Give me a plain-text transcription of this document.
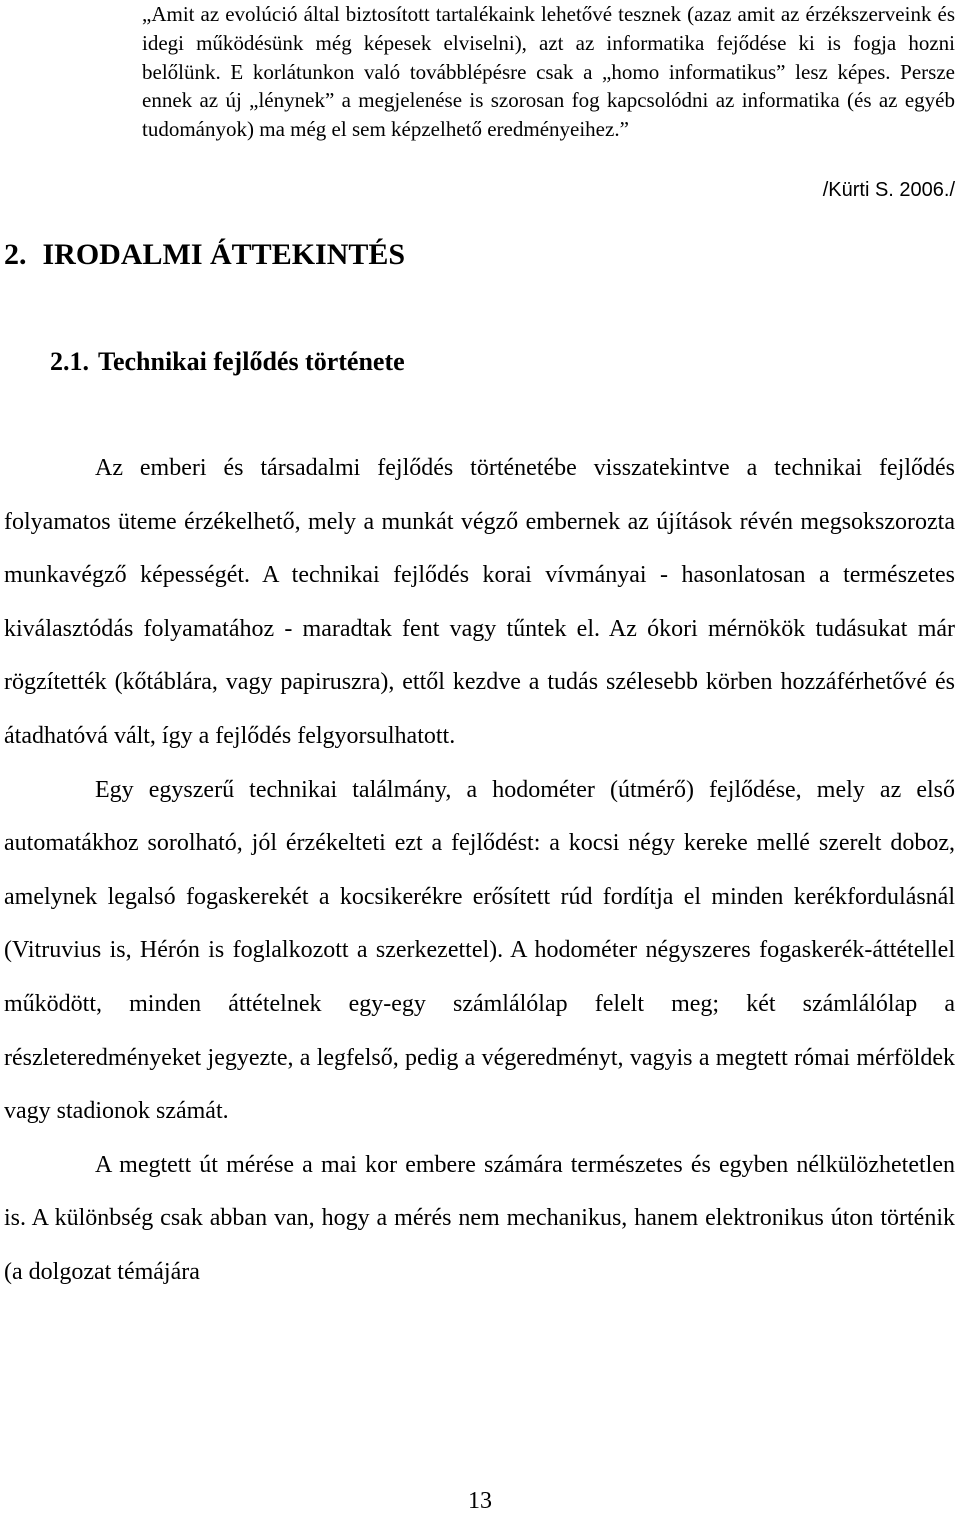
„Amit az evolúció által biztosított tartalékaink lehetővé tesznek (azaz amit az érzékszerveink és idegi működésünk még képesek elviselni), azt az informatika fejődése ki is fogja hozni belőlünk. E korlátunkon való továbblépésre csak a „homo informatikus” lesz képes. Persze ennek az új „lénynek” a megjelenése is szorosan fog kapcsolódni az informatika (és az egyéb tudományok) ma még el sem képzelhető eredményeihez.”

/Kürti S. 2006./
2. IRODALMI ÁTTEKINTÉS
2.1. Technikai fejlődés története

Az emberi és társadalmi fejlődés történetébe visszatekintve a technikai fejlődés folyamatos üteme érzékelhető, mely a munkát végző embernek az újítások révén megsokszorozta munkavégző képességét. A technikai fejlődés korai vívmányai - hasonlatosan a természetes kiválasztódás folyamatához - maradtak fent vagy tűntek el. Az ókori mérnökök tudásukat már rögzítették (kőtáblára, vagy papiruszra), ettől kezdve a tudás szélesebb körben hozzáférhetővé és átadhatóvá vált, így a fejlődés felgyorsulhatott.

Egy egyszerű technikai találmány, a hodométer (útmérő) fejlődése, mely az első automatákhoz sorolható, jól érzékelteti ezt a fejlődést: a kocsi négy kereke mellé szerelt doboz, amelynek legalsó fogaskerekét a kocsikerékre erősített rúd fordítja el minden kerékfordulásnál (Vitruvius is, Hérón is foglalkozott a szerkezettel). A hodométer négyszeres fogaskerék-áttétellel működött, minden áttételnek egy-egy számlálólap felelt meg; két számlálólap a részleteredményeket jegyezte, a legfelső, pedig a végeredményt, vagyis a megtett római mérföldek vagy stadionok számát.

A megtett út mérése a mai kor embere számára természetes és egyben nélkülözhetetlen is. A különbség csak abban van, hogy a mérés nem mechanikus, hanem elektronikus úton történik (a dolgozat témájára

13
